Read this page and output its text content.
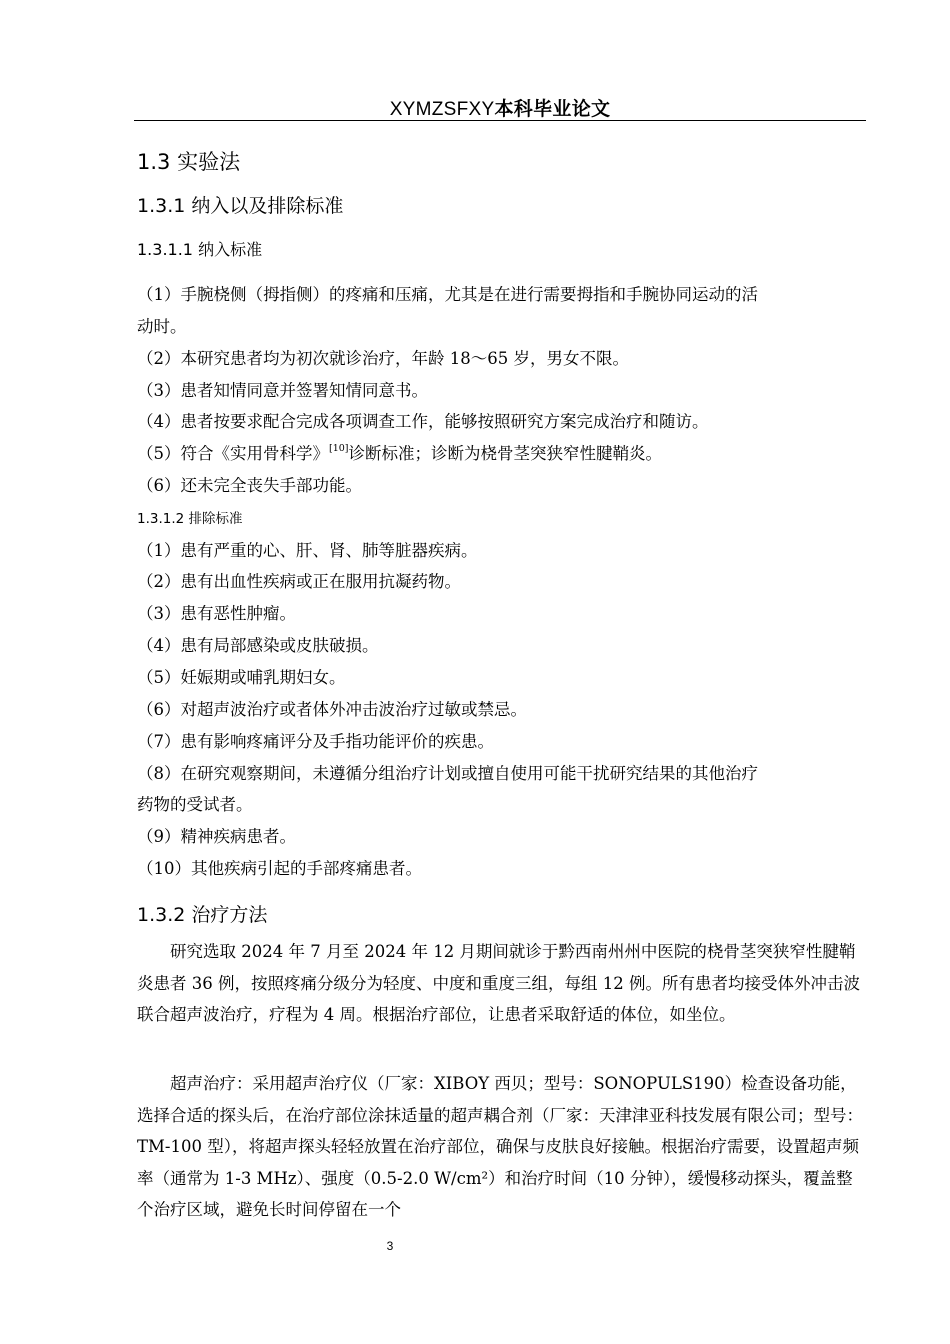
XYMZSFXY本科毕业论文
1.3 实验法
1.3.1 纳入以及排除标准
1.3.1.1 纳入标准
（1）手腕桡侧（拇指侧）的疼痛和压痛，尤其是在进行需要拇指和手腕协同运动的活
动时。
（2）本研究患者均为初次就诊治疗，年龄 18～65 岁，男女不限。
（3）患者知情同意并签署知情同意书。
（4）患者按要求配合完成各项调查工作，能够按照研究方案完成治疗和随访。
（5）符合《实用骨科学》[10]诊断标准；诊断为桡骨茎突狭窄性腱鞘炎。
（6）还未完全丧失手部功能。
1.3.1.2 排除标准
（1）患有严重的心、肝、肾、肺等脏器疾病。
（2）患有出血性疾病或正在服用抗凝药物。
（3）患有恶性肿瘤。
（4）患有局部感染或皮肤破损。
（5）妊娠期或哺乳期妇女。
（6）对超声波治疗或者体外冲击波治疗过敏或禁忌。
（7）患有影响疼痛评分及手指功能评价的疾患。
（8）在研究观察期间，未遵循分组治疗计划或擅自使用可能干扰研究结果的其他治疗
药物的受试者。
（9）精神疾病患者。
（10）其他疾病引起的手部疼痛患者。
1.3.2 治疗方法
研究选取 2024 年 7 月至 2024 年 12 月期间就诊于黔西南州州中医院的桡骨茎突狭窄性腱鞘炎患者 36 例，按照疼痛分级分为轻度、中度和重度三组，每组 12 例。所有患者均接受体外冲击波联合超声波治疗，疗程为 4 周。根据治疗部位，让患者采取舒适的体位，如坐位。
超声治疗：采用超声治疗仪（厂家：XIBOY 西贝；型号：SONOPULS190）检查设备功能，选择合适的探头后，在治疗部位涂抹适量的超声耦合剂（厂家：天津津亚科技发展有限公司；型号：TM-100 型），将超声探头轻轻放置在治疗部位，确保与皮肤良好接触。根据治疗需要，设置超声频率（通常为 1-3 MHz）、强度（0.5-2.0 W/cm²）和治疗时间（10 分钟），缓慢移动探头，覆盖整个治疗区域，避免长时间停留在一个
3
